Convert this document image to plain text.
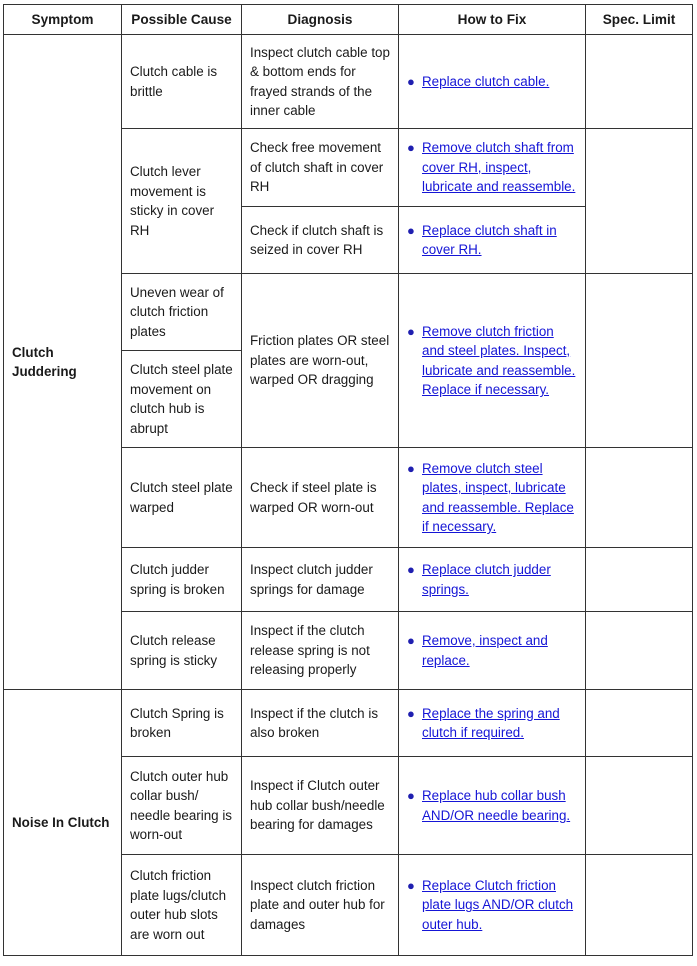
Symptom	Possible Cause	Diagnosis	How to Fix	Spec. Limit
Clutch Juddering	Clutch cable is brittle	Inspect clutch cable top & bottom ends for frayed strands of the inner cable	● Replace clutch cable.	

	Clutch lever movement is sticky in cover RH	Check free movement of clutch shaft in cover RH	● Remove clutch shaft from cover RH, inspect, lubricate and reassemble.	

		Check if clutch shaft is seized in cover RH	● Replace clutch shaft in cover RH.	

	Uneven wear of clutch friction plates	Friction plates OR steel plates are worn-out, warped OR dragging	● Remove clutch friction and steel plates. Inspect, lubricate and reassemble. Replace if necessary.	

	Clutch steel plate movement on clutch hub is abrupt			
	Clutch steel plate warped	Check if steel plate is warped OR worn-out	● Remove clutch steel plates, inspect, lubricate and reassemble. Replace if necessary.	

	Clutch judder spring is broken	Inspect clutch judder springs for damage	● Replace clutch judder springs.	

	Clutch release spring is sticky	Inspect if the clutch release spring is not releasing properly	● Remove, inspect and replace.	

Noise In Clutch	Clutch Spring is broken	Inspect if the clutch is also broken	● Replace the spring and clutch if required.	

	Clutch outer hub collar bush/ needle bearing is worn-out	Inspect if Clutch outer hub collar bush/needle bearing for damages	● Replace hub collar bush AND/OR needle bearing.	

	Clutch friction plate lugs/clutch outer hub slots are worn out	Inspect clutch friction plate and outer hub for damages	● Replace Clutch friction plate lugs AND/OR clutch outer hub.	
